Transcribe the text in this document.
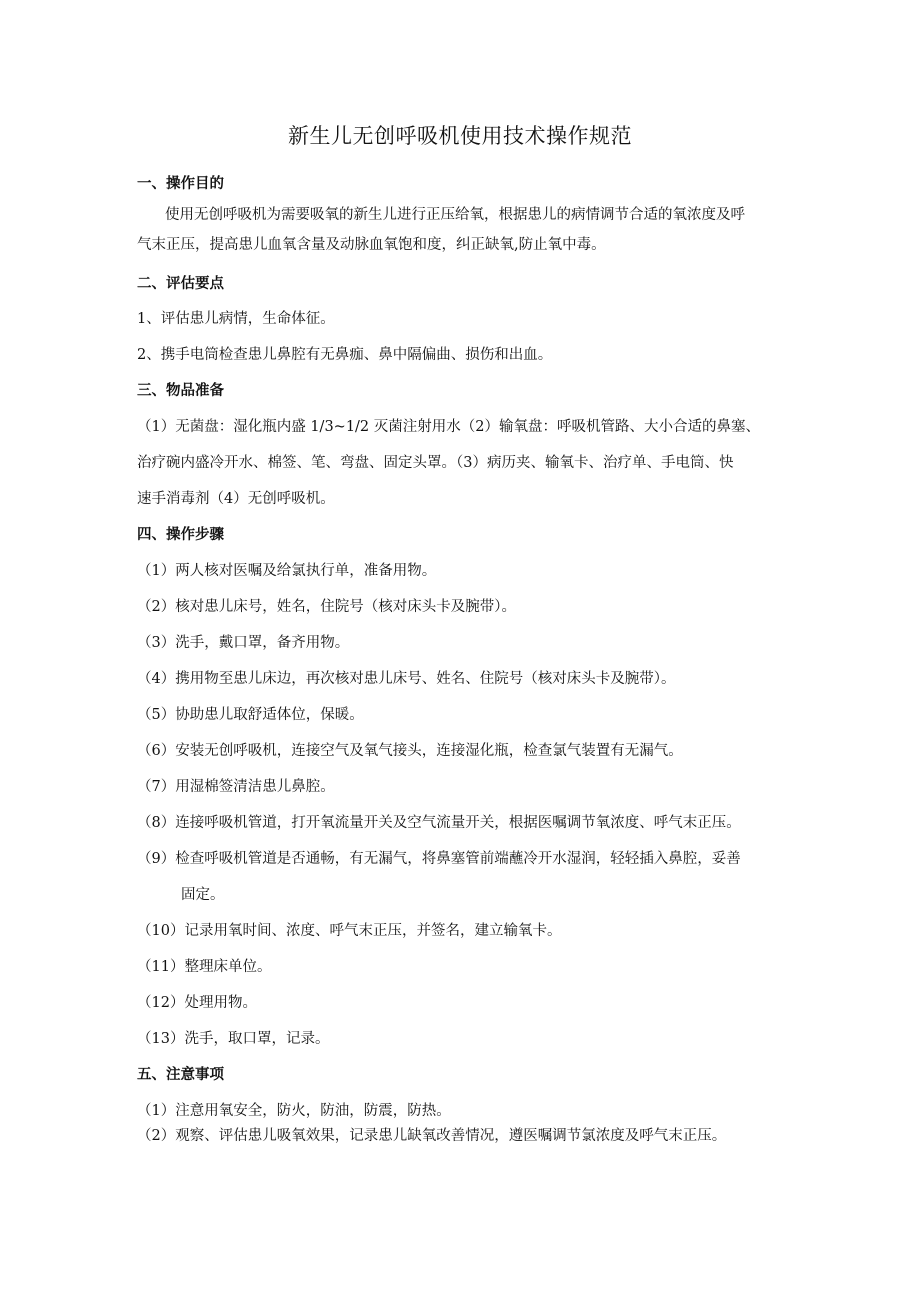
新生儿无创呼吸机使用技术操作规范
一、操作目的
使用无创呼吸机为需要吸氧的新生儿进行正压给氧，根据患儿的病情调节合适的氧浓度及呼
气末正压，提高患儿血氧含量及动脉血氧饱和度，纠正缺氧,防止氧中毒。
二、评估要点
1、评估患儿病情，生命体征。
2、携手电筒检查患儿鼻腔有无鼻痂、鼻中隔偏曲、损伤和出血。
三、物品准备
（1）无菌盘：湿化瓶内盛 1/3~1/2 灭菌注射用水（2）输氧盘：呼吸机管路、大小合适的鼻塞、
治疗碗内盛冷开水、棉签、笔、弯盘、固定头罩。（3）病历夹、输氧卡、治疗单、手电筒、快
速手消毒剂（4）无创呼吸机。
四、操作步骤
（1）两人核对医嘱及给氯执行单，准备用物。
（2）核对患儿床号，姓名，住院号（核对床头卡及腕带）。
（3）洗手，戴口罩，备齐用物。
（4）携用物至患儿床边，再次核对患儿床号、姓名、住院号（核对床头卡及腕带）。
（5）协助患儿取舒适体位，保暖。
（6）安装无创呼吸机，连接空气及氧气接头，连接湿化瓶，检查氯气装置有无漏气。
（7）用湿棉签清洁患儿鼻腔。
（8）连接呼吸机管道，打开氧流量开关及空气流量开关，根据医嘱调节氧浓度、呼气末正压。
（9）检查呼吸机管道是否通畅，有无漏气，将鼻塞管前端蘸冷开水湿润，轻轻插入鼻腔，妥善
固定。
（10）记录用氧时间、浓度、呼气末正压，并签名，建立输氧卡。
（11）整理床单位。
（12）处理用物。
（13）洗手，取口罩，记录。
五、注意事项
（1）注意用氧安全，防火，防油，防震，防热。
（2）观察、评估患儿吸氧效果，记录患儿缺氧改善情况，遵医嘱调节氯浓度及呼气末正压。
